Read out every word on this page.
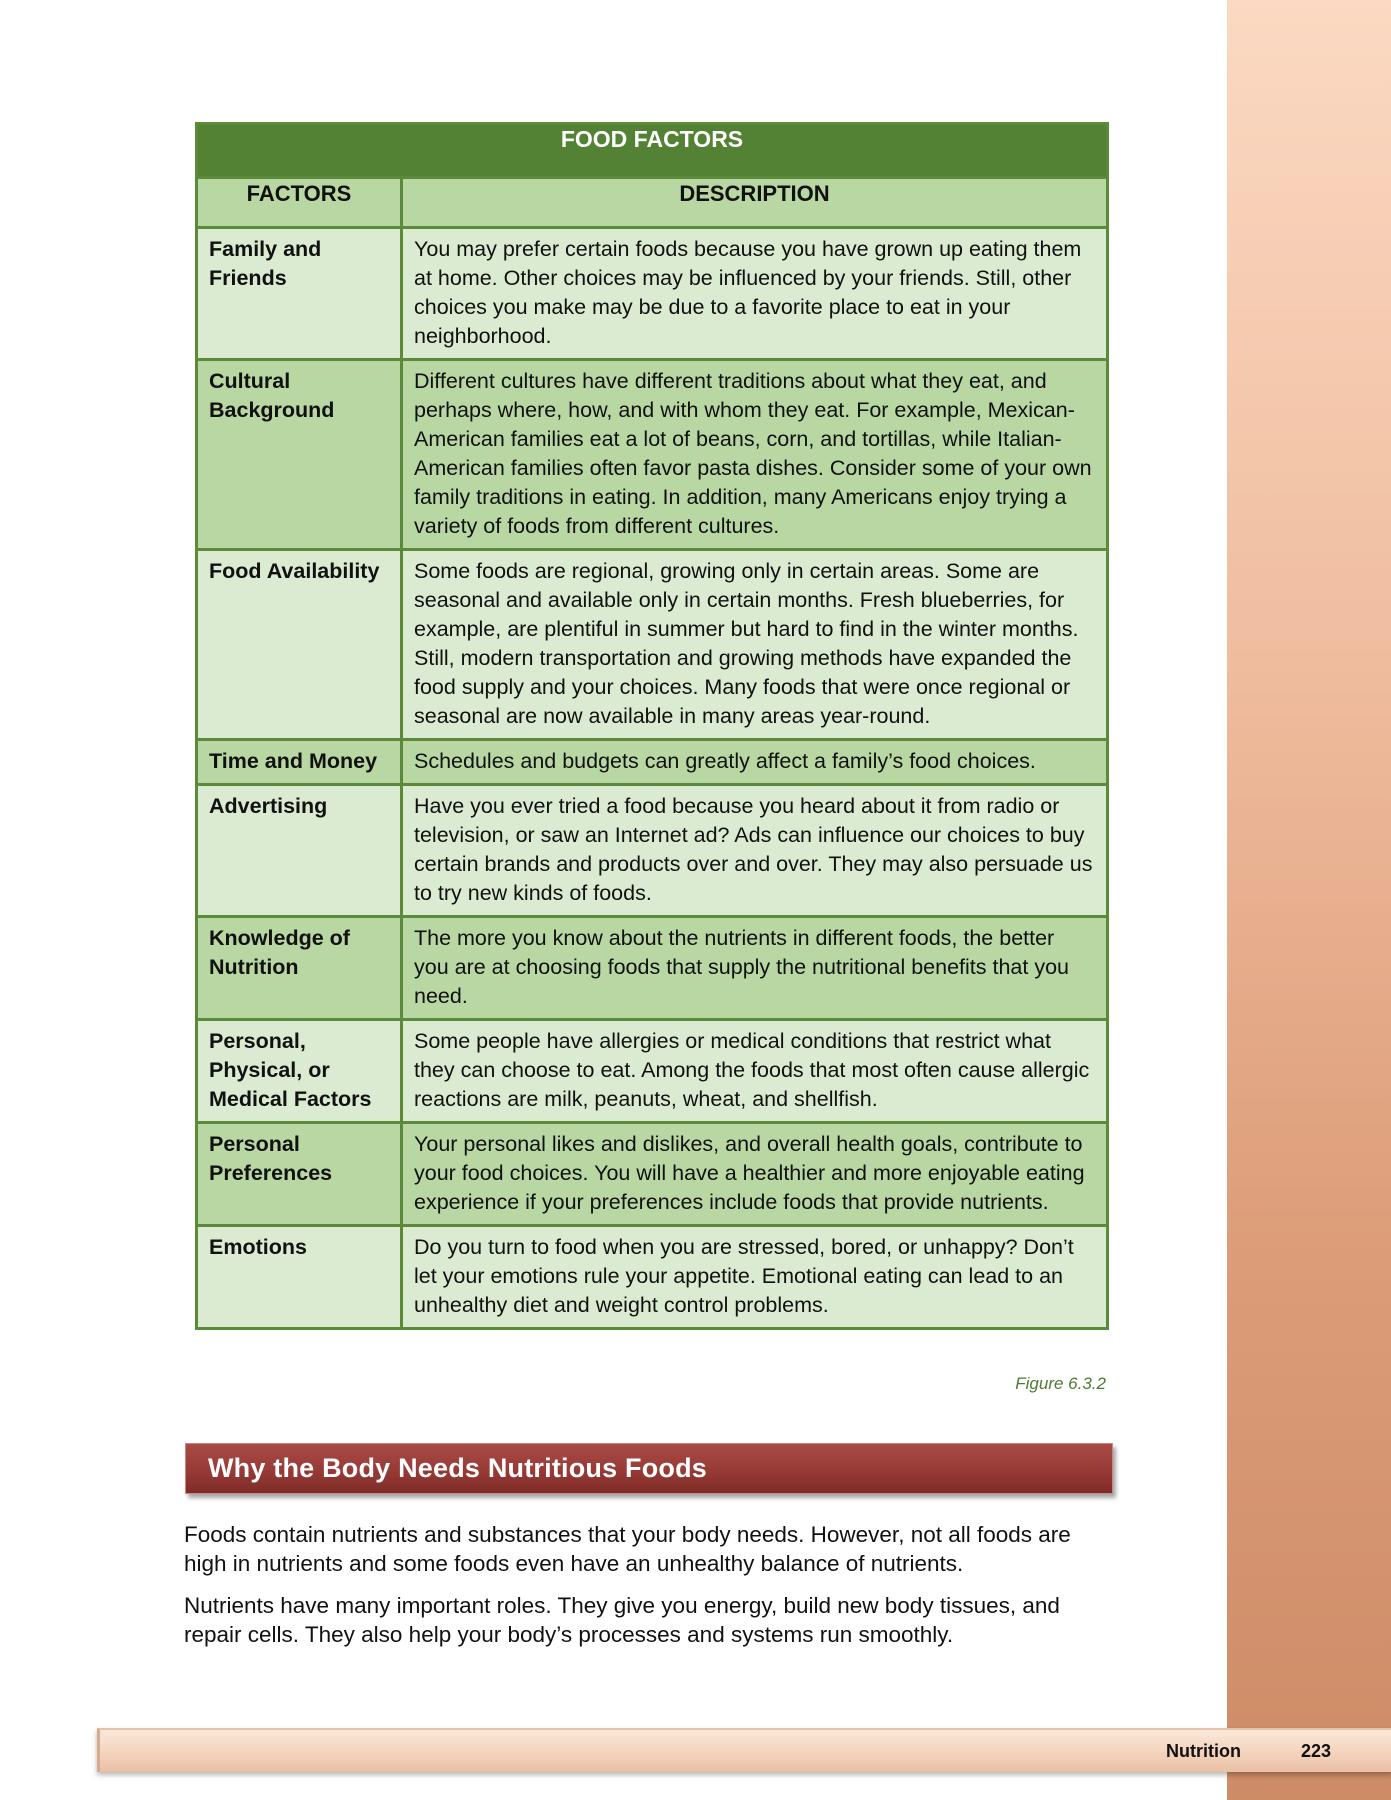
FOOD FACTORS	
FACTORS	DESCRIPTION
Family and Friends	You may prefer certain foods because you have grown up eating them at home. Other choices may be influenced by your friends. Still, other choices you make may be due to a favorite place to eat in your neighborhood.
Cultural Background	Different cultures have different traditions about what they eat, and perhaps where, how, and with whom they eat. For example, Mexican-American families eat a lot of beans, corn, and tortillas, while Italian-American families often favor pasta dishes. Consider some of your own family traditions in eating. In addition, many Americans enjoy trying a variety of foods from different cultures.
Food Availability	Some foods are regional, growing only in certain areas. Some are seasonal and available only in certain months. Fresh blueberries, for example, are plentiful in summer but hard to find in the winter months. Still, modern transportation and growing methods have expanded the food supply and your choices. Many foods that were once regional or seasonal are now available in many areas year-round.
Time and Money	Schedules and budgets can greatly affect a family’s food choices.
Advertising	Have you ever tried a food because you heard about it from radio or television, or saw an Internet ad? Ads can influence our choices to buy certain brands and products over and over. They may also persuade us to try new kinds of foods.
Knowledge of Nutrition	The more you know about the nutrients in different foods, the better you are at choosing foods that supply the nutritional benefits that you need.
Personal, Physical, or Medical Factors	Some people have allergies or medical conditions that restrict what they can choose to eat. Among the foods that most often cause allergic reactions are milk, peanuts, wheat, and shellfish.
Personal Preferences	Your personal likes and dislikes, and overall health goals, contribute to your food choices. You will have a healthier and more enjoyable eating experience if your preferences include foods that provide nutrients.
Emotions	Do you turn to food when you are stressed, bored, or unhappy? Don’t let your emotions rule your appetite. Emotional eating can lead to an unhealthy diet and weight control problems.
Figure 6.3.2
Why the Body Needs Nutritious Foods

Foods contain nutrients and substances that your body needs. However, not all foods are high in nutrients and some foods even have an unhealthy balance of nutrients.

Nutrients have many important roles. They give you energy, build new body tissues, and repair cells. They also help your body’s processes and systems run smoothly.

Nutrition	223
